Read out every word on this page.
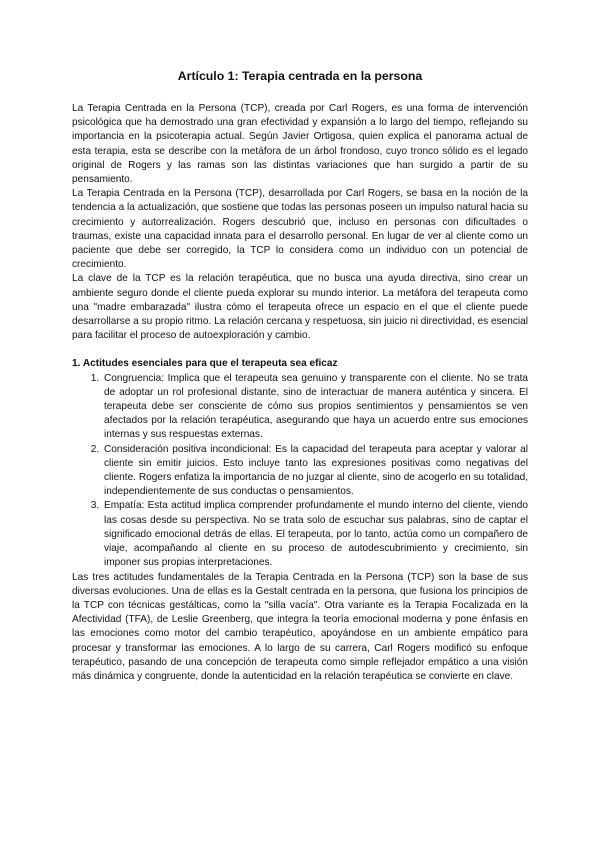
Artículo 1: Terapia centrada en la persona

La Terapia Centrada en la Persona (TCP), creada por Carl Rogers, es una forma de intervención psicológica que ha demostrado una gran efectividad y expansión a lo largo del tiempo, reflejando su importancia en la psicoterapia actual. Según Javier Ortigosa, quien explica el panorama actual de esta terapia, esta se describe con la metáfora de un árbol frondoso, cuyo tronco sólido es el legado original de Rogers y las ramas son las distintas variaciones que han surgido a partir de su pensamiento.

La Terapia Centrada en la Persona (TCP), desarrollada por Carl Rogers, se basa en la noción de la tendencia a la actualización, que sostiene que todas las personas poseen un impulso natural hacia su crecimiento y autorrealización. Rogers descubrió que, incluso en personas con dificultades o traumas, existe una capacidad innata para el desarrollo personal. En lugar de ver al cliente como un paciente que debe ser corregido, la TCP lo considera como un individuo con un potencial de crecimiento.

La clave de la TCP es la relación terapéutica, que no busca una ayuda directiva, sino crear un ambiente seguro donde el cliente pueda explorar su mundo interior. La metáfora del terapeuta como una "madre embarazada" ilustra cómo el terapeuta ofrece un espacio en el que el cliente puede desarrollarse a su propio ritmo. La relación cercana y respetuosa, sin juicio ni directividad, es esencial para facilitar el proceso de autoexploración y cambio.

1. Actitudes esenciales para que el terapeuta sea eficaz
1. Congruencia: Implica que el terapeuta sea genuino y transparente con el cliente. No se trata de adoptar un rol profesional distante, sino de interactuar de manera auténtica y sincera. El terapeuta debe ser consciente de cómo sus propios sentimientos y pensamientos se ven afectados por la relación terapéutica, asegurando que haya un acuerdo entre sus emociones internas y sus respuestas externas.
2. Consideración positiva incondicional: Es la capacidad del terapeuta para aceptar y valorar al cliente sin emitir juicios. Esto incluye tanto las expresiones positivas como negativas del cliente. Rogers enfatiza la importancia de no juzgar al cliente, sino de acogerlo en su totalidad, independientemente de sus conductas o pensamientos.
3. Empatía: Esta actitud implica comprender profundamente el mundo interno del cliente, viendo las cosas desde su perspectiva. No se trata solo de escuchar sus palabras, sino de captar el significado emocional detrás de ellas. El terapeuta, por lo tanto, actúa como un compañero de viaje, acompañando al cliente en su proceso de autodescubrimiento y crecimiento, sin imponer sus propias interpretaciones.

Las tres actitudes fundamentales de la Terapia Centrada en la Persona (TCP) son la base de sus diversas evoluciones. Una de ellas es la Gestalt centrada en la persona, que fusiona los principios de la TCP con técnicas gestálticas, como la "silla vacía". Otra variante es la Terapia Focalizada en la Afectividad (TFA), de Leslie Greenberg, que integra la teoría emocional moderna y pone énfasis en las emociones como motor del cambio terapéutico, apoyándose en un ambiente empático para procesar y transformar las emociones. A lo largo de su carrera, Carl Rogers modificó su enfoque terapéutico, pasando de una concepción de terapeuta como simple reflejador empático a una visión más dinámica y congruente, donde la autenticidad en la relación terapéutica se convierte en clave.
